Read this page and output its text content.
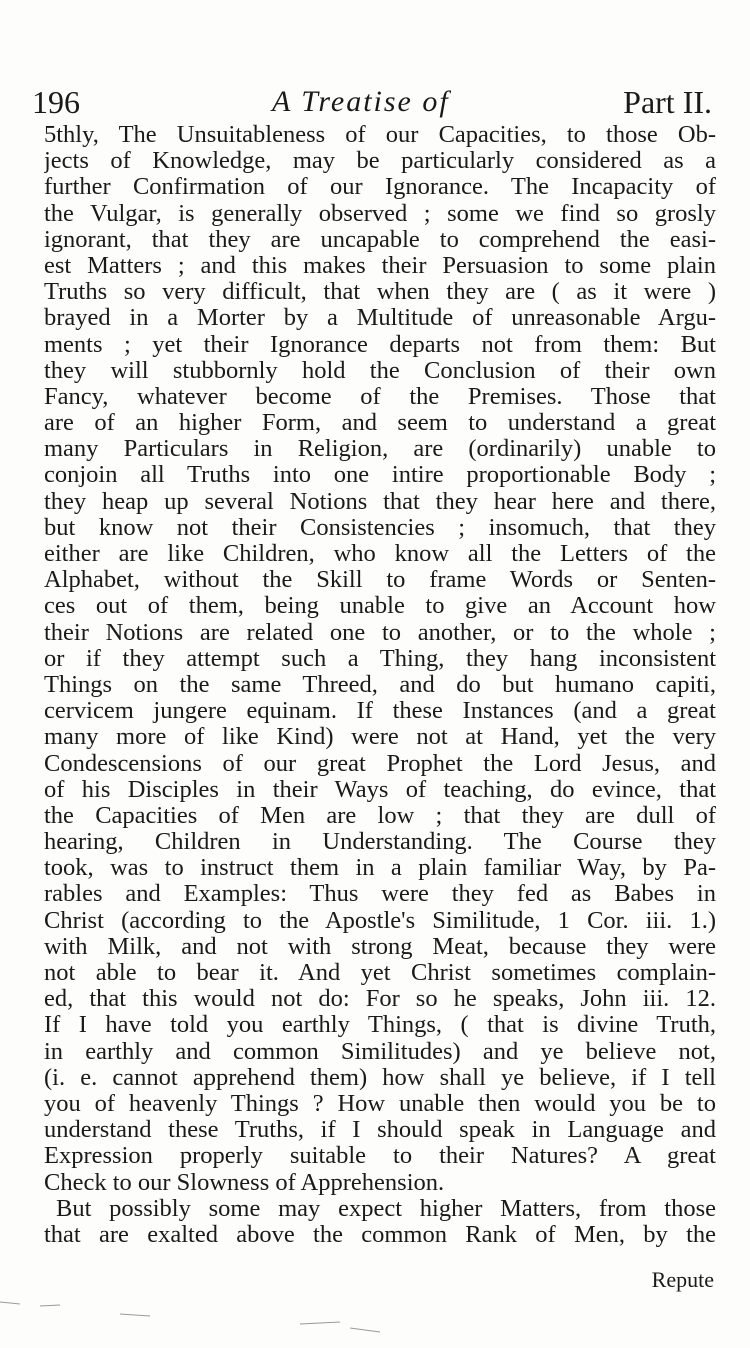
196	A Treatise of	Part II.
5thly, The Unsuitableness of our Capacities, to those Ob-
jects of Knowledge, may be particularly considered as a
further Confirmation of our Ignorance. The Incapacity of
the Vulgar, is generally observed ; some we find so grosly
ignorant, that they are uncapable to comprehend the easi-
est Matters ; and this makes their Persuasion to some plain
Truths so very difficult, that when they are ( as it were )
brayed in a Morter by a Multitude of unreasonable Argu-
ments ; yet their Ignorance departs not from them: But
they will stubbornly hold the Conclusion of their own
Fancy, whatever become of the Premises. Those that
are of an higher Form, and seem to understand a great
many Particulars in Religion, are (ordinarily) unable to
conjoin all Truths into one intire proportionable Body ;
they heap up several Notions that they hear here and there,
but know not their Consistencies ; insomuch, that they
either are like Children, who know all the Letters of the
Alphabet, without the Skill to frame Words or Senten-
ces out of them, being unable to give an Account how
their Notions are related one to another, or to the whole ;
or if they attempt such a Thing, they hang inconsistent
Things on the same Threed, and do but humano capiti,
cervicem jungere equinam. If these Instances (and a great
many more of like Kind) were not at Hand, yet the very
Condescensions of our great Prophet the Lord Jesus, and
of his Disciples in their Ways of teaching, do evince, that
the Capacities of Men are low ; that they are dull of
hearing, Children in Understanding. The Course they
took, was to instruct them in a plain familiar Way, by Pa-
rables and Examples: Thus were they fed as Babes in
Christ (according to the Apostle's Similitude, 1 Cor. iii. 1.)
with Milk, and not with strong Meat, because they were
not able to bear it. And yet Christ sometimes complain-
ed, that this would not do: For so he speaks, John iii. 12.
If I have told you earthly Things, ( that is divine Truth,
in earthly and common Similitudes) and ye believe not,
(i. e. cannot apprehend them) how shall ye believe, if I tell
you of heavenly Things ? How unable then would you be to
understand these Truths, if I should speak in Language and
Expression properly suitable to their Natures? A great
Check to our Slowness of Apprehension.
But possibly some may expect higher Matters, from those
that are exalted above the common Rank of Men, by the
Repute
